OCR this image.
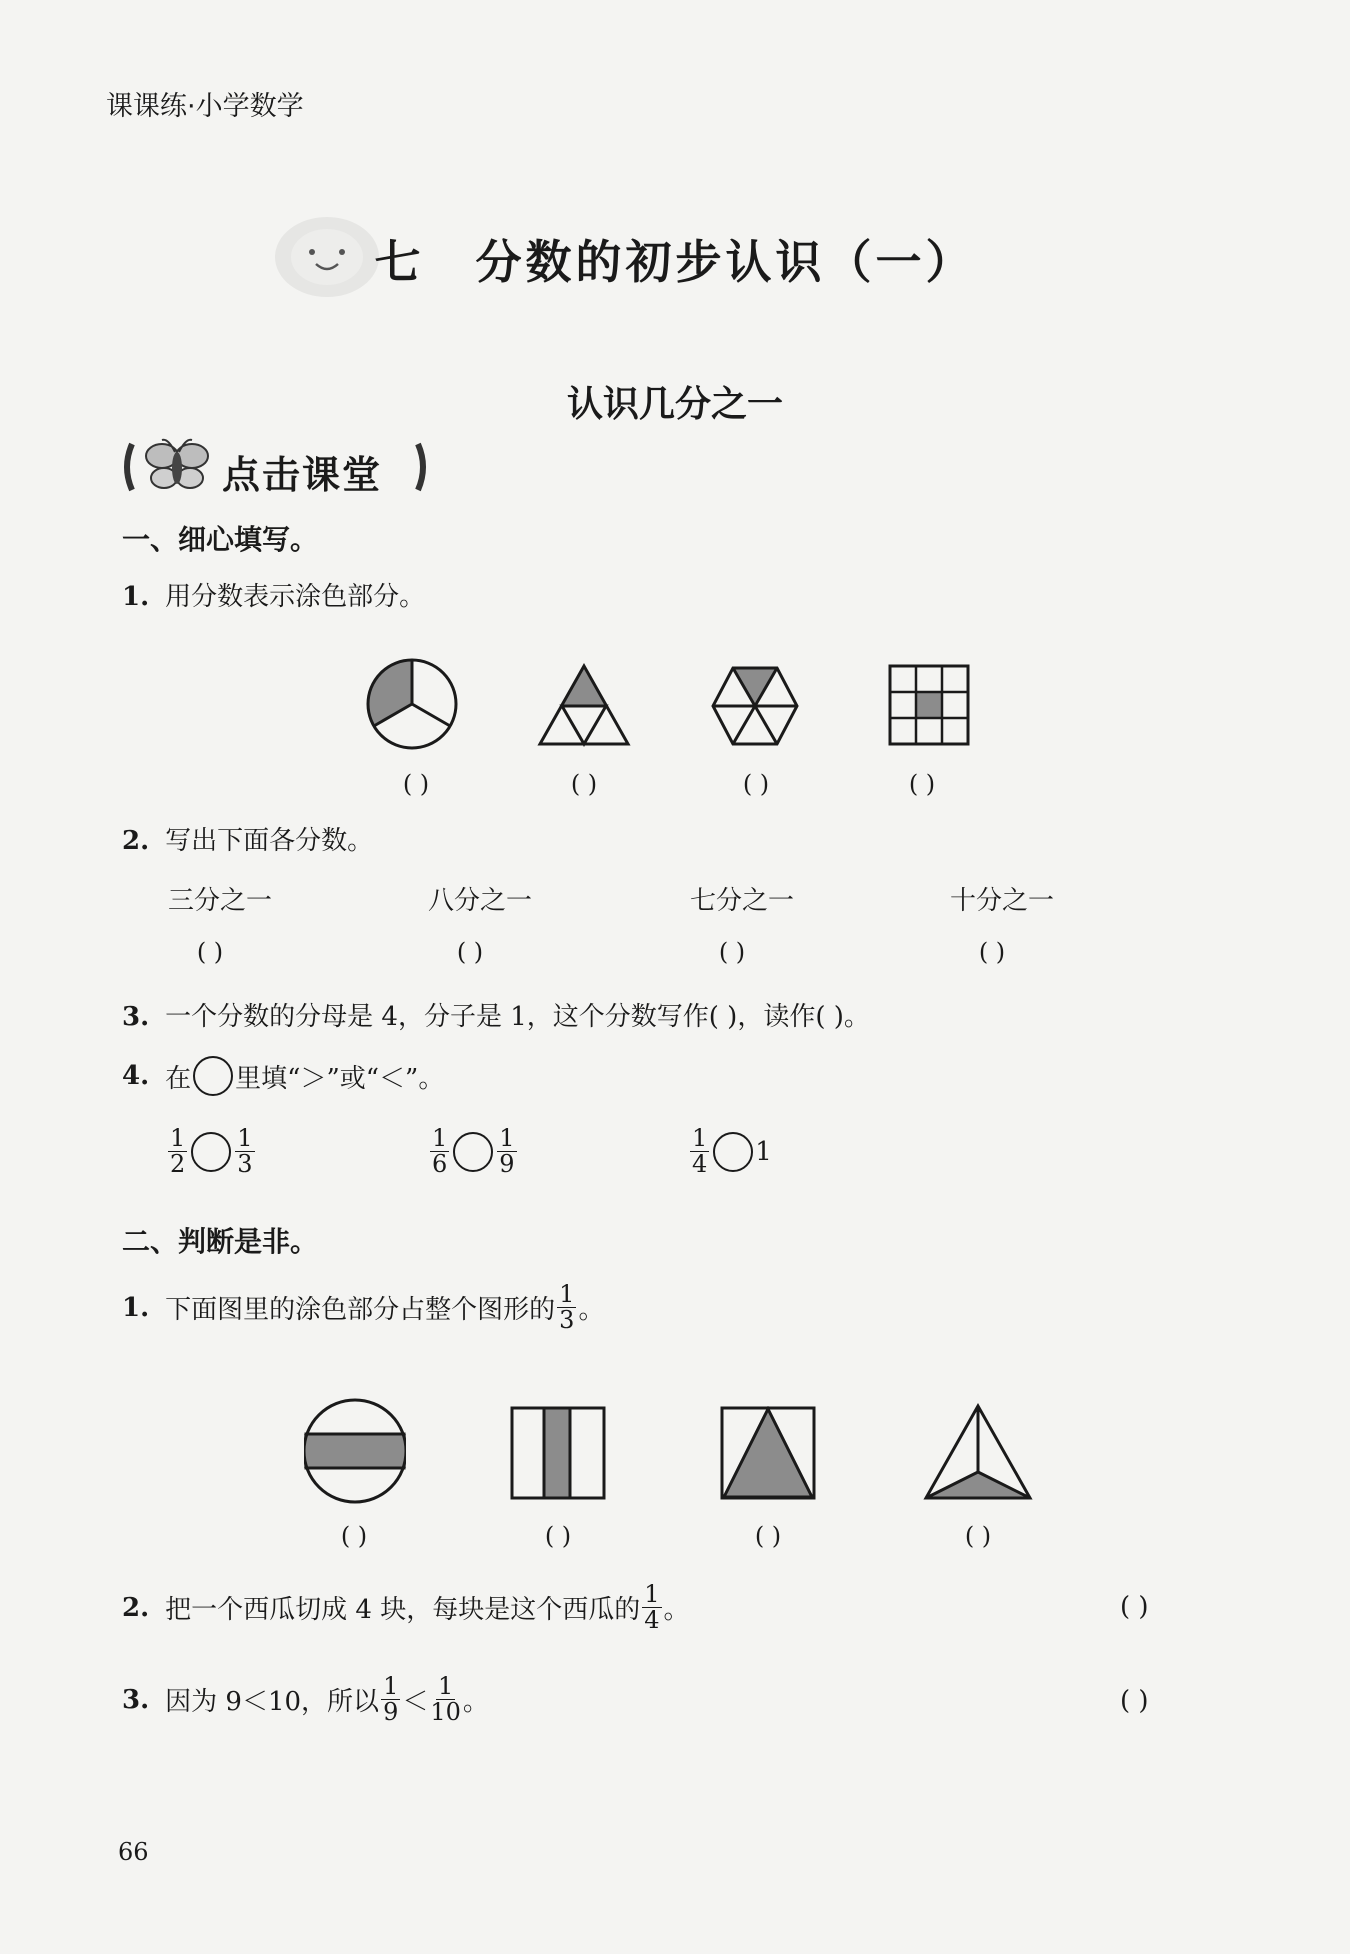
课课练·小学数学
七 分数的初步认识（一）
认识几分之一
点击课堂
一、细心填写。
1. 用分数表示涂色部分。
( )	( )	( )	( )
2. 写出下面各分数。
三分之一	八分之一	七分之一	十分之一
( )	( )	( )	( )
3. 一个分数的分母是 4，分子是 1，这个分数写作( )，读作( )。
4. 在 里填“＞”或“＜”。
$\frac{1}{2} \frac{1}{3}$	$\frac{1}{6} \frac{1}{9}$	$\frac{1}{4} 1$
二、判断是非。
1. 下面图里的涂色部分占整个图形的 $\frac{1}{3}$ 。
( )	( )	( )	( )
2. 把一个西瓜切成 4 块，每块是这个西瓜的 $\frac{1}{4}$ 。	( )
3. 因为 9＜10，所以 $\frac{1}{9} < \frac{1}{10}$ 。	( )
66
